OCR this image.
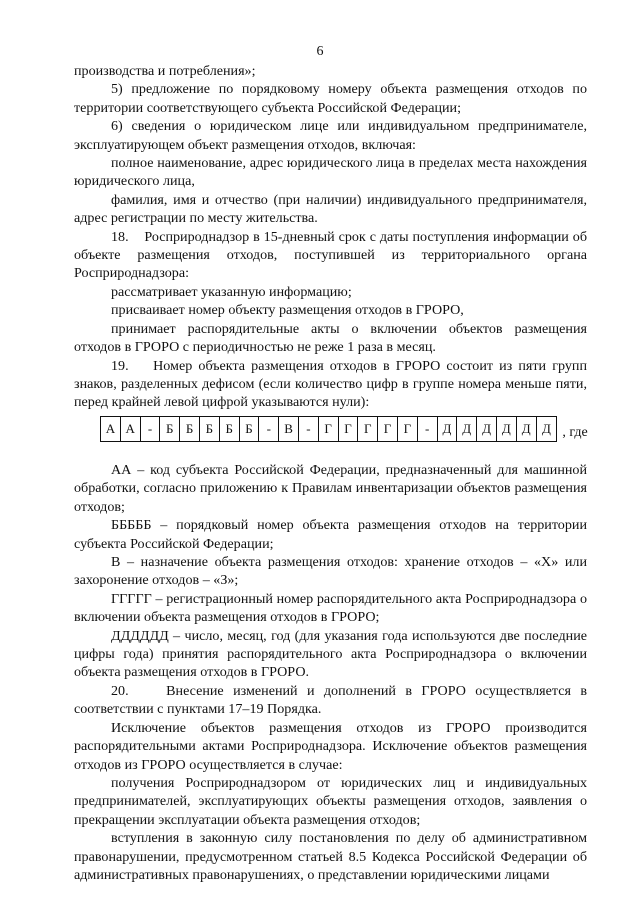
6

производства и потребления»;

5) предложение по порядковому номеру объекта размещения отходов по территории соответствующего субъекта Российской Федерации;

6) сведения о юридическом лице или индивидуальном предпринимателе, эксплуатирующем объект размещения отходов, включая:

полное наименование, адрес юридического лица в пределах места нахождения юридического лица,

фамилия, имя и отчество (при наличии) индивидуального предпринимателя, адрес регистрации по месту жительства.

18.    Росприроднадзор в 15-дневный срок с даты поступления информации об объекте размещения отходов, поступившей из территориального органа Росприроднадзора:

рассматривает указанную информацию;

присваивает номер объекту размещения отходов в ГРОРО,

принимает распорядительные акты о включении объектов размещения отходов в ГРОРО с периодичностью не реже 1 раза в месяц.

19.    Номер объекта размещения отходов в ГРОРО состоит из пяти групп знаков, разделенных дефисом (если количество цифр в группе номера меньше пяти, перед крайней левой цифрой указываются нули):

А А -	Б Б Б Б Б	-	В	-	Г Г Г Г Г	-	Д Д Д Д Д Д , где

АА – код субъекта Российской Федерации, предназначенный для машинной обработки, согласно приложению к Правилам инвентаризации объектов размещения отходов;

БББББ – порядковый номер объекта размещения отходов на территории субъекта Российской Федерации;

В – назначение объекта размещения отходов: хранение отходов – «Х» или захоронение отходов – «З»;

ГГГГГ – регистрационный номер распорядительного акта Росприроднадзора о включении объекта размещения отходов в ГРОРО;

ДДДДДД – число, месяц, год (для указания года используются две последние цифры года) принятия распорядительного акта Росприроднадзора о включении объекта размещения отходов в ГРОРО.

20.    Внесение изменений и дополнений в ГРОРО осуществляется в соответствии с пунктами 17–19 Порядка.

Исключение объектов размещения отходов из ГРОРО производится распорядительными актами Росприроднадзора. Исключение объектов размещения отходов из ГРОРО осуществляется в случае:

получения Росприроднадзором от юридических лиц и индивидуальных предпринимателей, эксплуатирующих объекты размещения отходов, заявления о прекращении эксплуатации объекта размещения отходов;

вступления в законную силу постановления по делу об административном правонарушении, предусмотренном статьей 8.5 Кодекса Российской Федерации об административных правонарушениях, о представлении юридическими лицами
